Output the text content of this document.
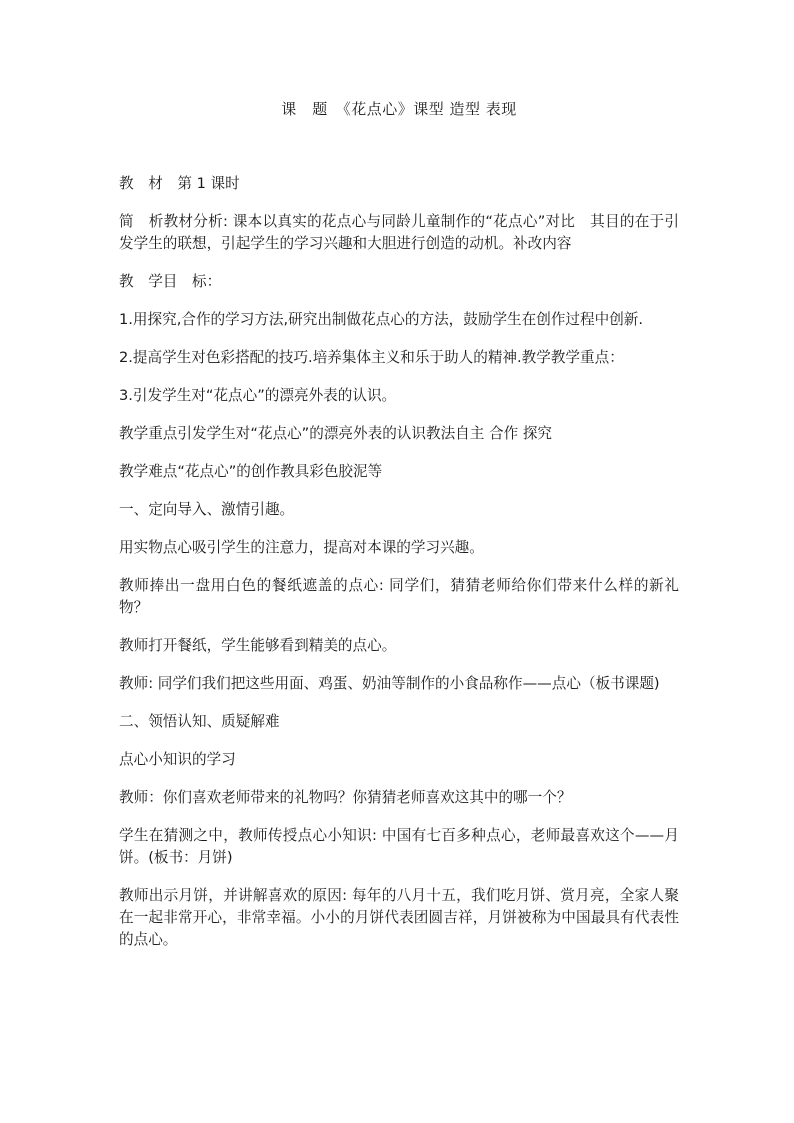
课　题　《花点心》课型 造型 表现

教　材　第 1 课时

简　析教材分析: 课本以真实的花点心与同龄儿童制作的“花点心”对比　其目的在于引发学生的联想，引起学生的学习兴趣和大胆进行创造的动机。补改内容

教　学目　标：

1.用探究,合作的学习方法,研究出制做花点心的方法，鼓励学生在创作过程中创新.

2.提高学生对色彩搭配的技巧.培养集体主义和乐于助人的精神.教学教学重点：

3.引发学生对“花点心”的漂亮外表的认识。

教学重点引发学生对“花点心”的漂亮外表的认识教法自主 合作 探究

教学难点“花点心”的创作教具彩色胶泥等

一、定向导入、激情引趣。

用实物点心吸引学生的注意力，提高对本课的学习兴趣。

教师捧出一盘用白色的餐纸遮盖的点心: 同学们，猜猜老师给你们带来什么样的新礼物？

教师打开餐纸，学生能够看到精美的点心。

教师: 同学们我们把这些用面、鸡蛋、奶油等制作的小食品称作——点心（板书课题)

二、领悟认知、质疑解难

点心小知识的学习

教师：你们喜欢老师带来的礼物吗？你猜猜老师喜欢这其中的哪一个？

学生在猜测之中，教师传授点心小知识: 中国有七百多种点心，老师最喜欢这个——月饼。(板书：月饼)

教师出示月饼，并讲解喜欢的原因: 每年的八月十五，我们吃月饼、赏月亮，全家人聚在一起非常开心，非常幸福。小小的月饼代表团圆吉祥，月饼被称为中国最具有代表性的点心。
